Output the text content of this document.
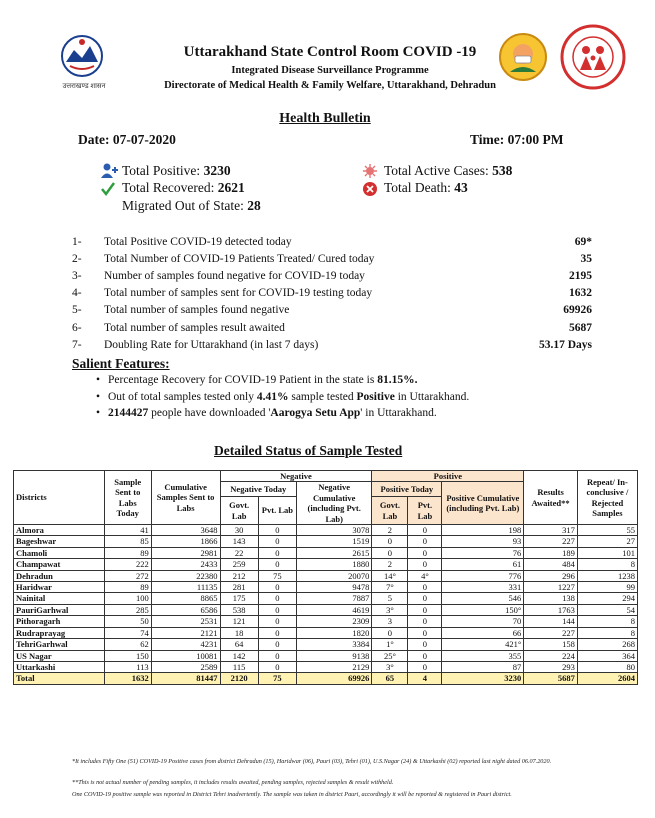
उत्तराखण्ड शासन
Uttarakhand State Control Room COVID -19
Integrated Disease Surveillance Programme
Directorate of Medical Health & Family Welfare, Uttarakhand, Dehradun
Health Bulletin
Date: 07-07-2020	Time: 07:00 PM
Total Positive: 3230
Total Recovered: 2621
Migrated Out of State: 28
Total Active Cases: 538
Total Death: 43
1-	Total Positive COVID-19 detected today	69*
2-	Total Number of COVID-19 Patients Treated/ Cured today	35
3-	Number of samples found negative for COVID-19 today	2195
4-	Total number of samples sent for COVID-19 testing today	1632
5-	Total number of samples found negative	69926
6-	Total number of samples result awaited	5687
7-	Doubling Rate for Uttarakhand (in last 7 days)	53.17 Days
Salient Features:
• Percentage Recovery for COVID-19 Patient in the state is 81.15%.
• Out of total samples tested only 4.41% sample tested Positive in Uttarakhand.
• 2144427 people have downloaded 'Aarogya Setu App' in Uttarakhand.
Detailed Status of Sample Tested
Districts	Sample Sent to Labs Today	Cumulative Samples Sent to Labs	Negative			Positive			Results Awaited**	Repeat/ In-conclusive / Rejected Samples
			Negative Today		Negative Cumulative (including Pvt. Lab)	Positive Today		Positive Cumulative (including Pvt. Lab)		
			Govt. Lab	Pvt. Lab		Govt. Lab	Pvt. Lab			
Almora	41	3648	30	0	3078	2	0	198	317	55
Bageshwar	85	1866	143	0	1519	0	0	93	227	27
Chamoli	89	2981	22	0	2615	0	0	76	189	101
Champawat	222	2433	259	0	1880	2	0	61	484	8
Dehradun	272	22380	212	75	20070	14°	4°	776	296	1238
Haridwar	89	11135	281	0	9478	7°	0	331	1227	99
Nainital	100	8865	175	0	7887	5	0	546	138	294
PauriGarhwal	285	6586	538	0	4619	3°	0	150°	1763	54
Pithoragarh	50	2531	121	0	2309	3	0	70	144	8
Rudraprayag	74	2121	18	0	1820	0	0	66	227	8
TehriGarhwal	62	4231	64	0	3384	1°	0	421°	158	268
US Nagar	150	10081	142	0	9138	25°	0	355	224	364
Uttarkashi	113	2589	115	0	2129	3°	0	87	293	80
Total	1632	81447	2120	75	69926	65	4	3230	5687	2604
*It includes Fifty One (51) COVID-19 Positive cases from district Dehradun (15), Haridwar (06), Pauri (03), Tehri (01), U.S.Nagar (24) & Uttarkashi (02) reported last night dated 06.07.2020.
**This is not actual number of pending samples, it includes results awaited, pending samples, rejected samples & result withheld.
One COVID-19 positive sample was reported in District Tehri inadvertently. The sample was taken in district Pauri, accordingly it will be reported & registered in Pauri district.
